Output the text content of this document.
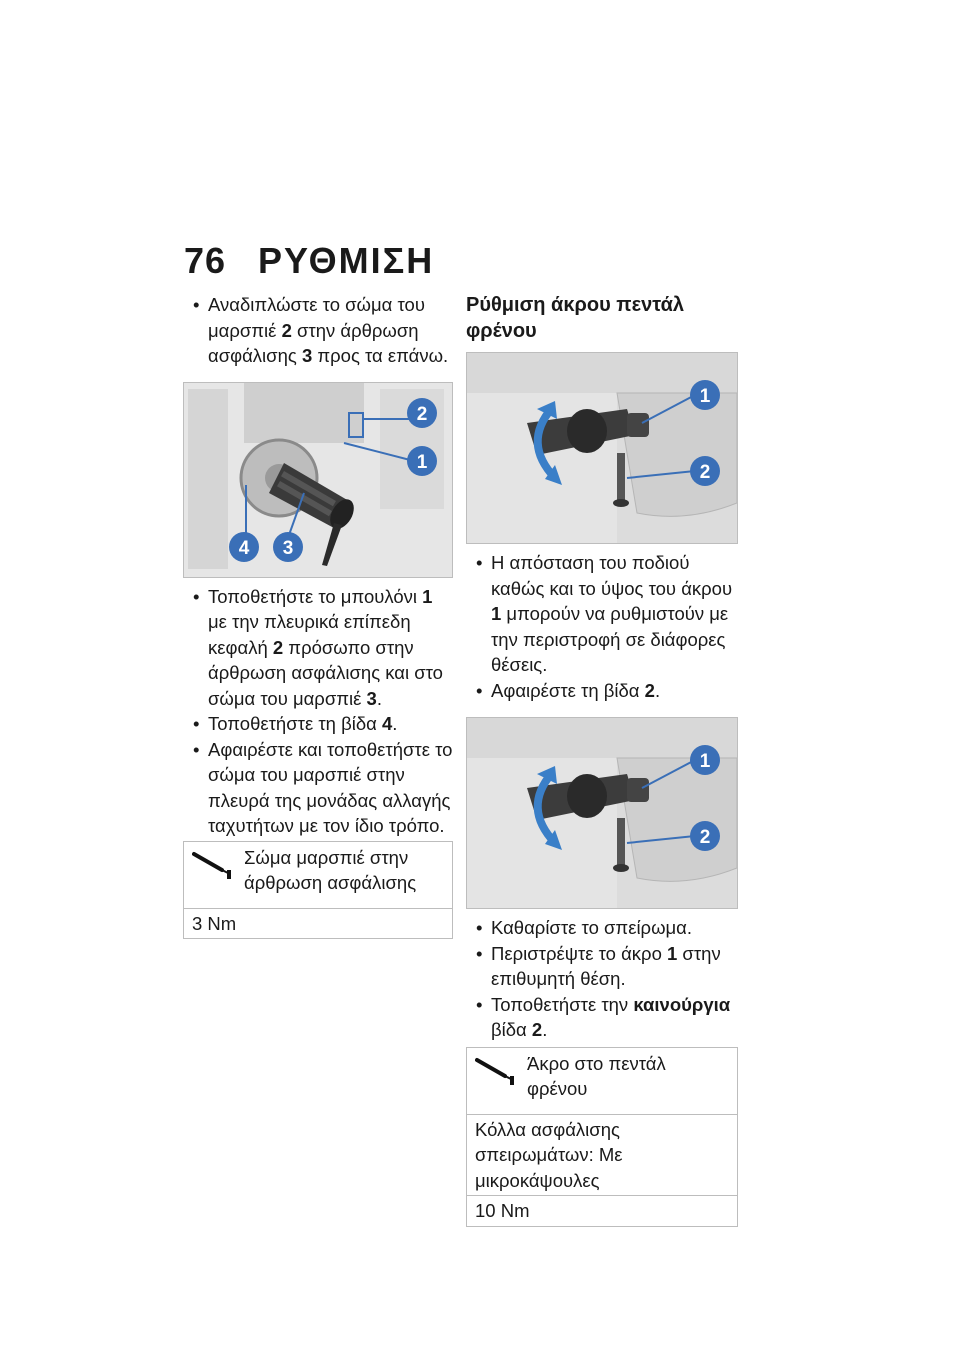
76 ΡΥΘΜΙΣΗ

• Αναδιπλώστε το σώμα του μαρσπιέ 2 στην άρθρωση ασφάλισης 3 προς τα επάνω.

2
1
4 3

• Τοποθετήστε το μπουλόνι 1 με την πλευρικά επίπεδη κεφαλή 2 πρόσωπο στην άρθρωση ασφάλισης και στο σώμα του μαρσπιέ 3.

• Τοποθετήστε τη βίδα 4.

• Αφαιρέστε και τοποθετήστε το σώμα του μαρσπιέ στην πλευρά της μονάδας αλλαγής ταχυτήτων με τον ίδιο τρόπο.

Σώμα μαρσπιέ στην άρθρωση ασφάλισης
3 Nm
Ρύθμιση άκρου πεντάλ φρένου
1
2

• Η απόσταση του ποδιού καθώς και το ύψος του άκρου 1 μπορούν να ρυθμιστούν με την περιστροφή σε διάφορες θέσεις.

• Αφαιρέστε τη βίδα 2.

1
2

• Καθαρίστε το σπείρωμα.

• Περιστρέψτε το άκρο 1 στην επιθυμητή θέση.

• Τοποθετήστε την καινούργια βίδα 2.

Άκρο στο πεντάλ φρένου
Κόλλα ασφάλισης σπειρωμάτων: Με μικροκάψουλες
10 Nm
